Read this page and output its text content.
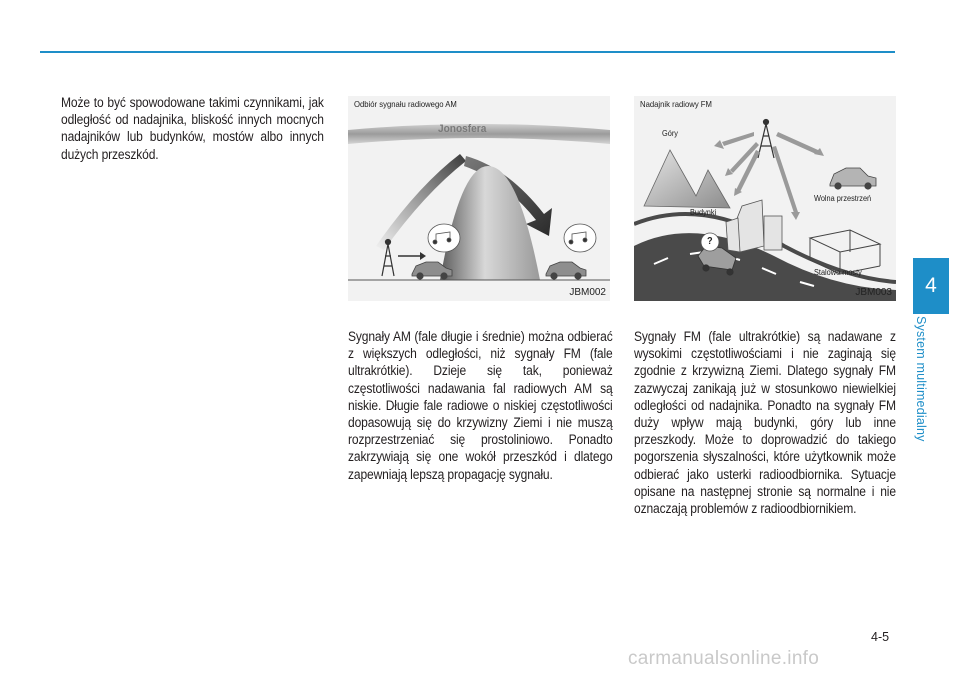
Może to być spowodowane takimi czynnikami, jak odległość od nadajnika, bliskość innych mocnych nadajników lub budynków, mostów albo innych dużych przeszkód.

Odbiór sygnału radiowego AM
Jonosfera
JBM002
Nadajnik radiowy FM
Góry
Budynki
Wolna przestrzeń
Stalowe mosty
?
JBM003

Sygnały AM (fale długie i średnie) można odbierać z większych odległości, niż sygnały FM (fale ultrakrótkie). Dzieje się tak, ponieważ częstotliwości nadawania fal radiowych AM są niskie. Długie fale radiowe o niskiej częstotliwości dopasowują się do krzywizny Ziemi i nie muszą rozprzestrzeniać się prostoliniowo. Ponadto zakrzywiają się one wokół przeszkód i dlatego zapewniają lepszą propagację sygnału.

Sygnały FM (fale ultrakrótkie) są nadawane z wysokimi częstotliwościami i nie zaginają się zgodnie z krzywizną Ziemi. Dlatego sygnały FM zazwyczaj zanikają już w stosunkowo niewielkiej odległości od nadajnika. Ponadto na sygnały FM duży wpływ mają budynki, góry lub inne przeszkody. Może to doprowadzić do takiego pogorszenia słyszalności, które użytkownik może odbierać jako usterki radioodbiornika. Sytuacje opisane na następnej stronie są normalne i nie oznaczają problemów z radioodbiornikiem.

4
System multimedialny
4-5
carmanualsonline.info
